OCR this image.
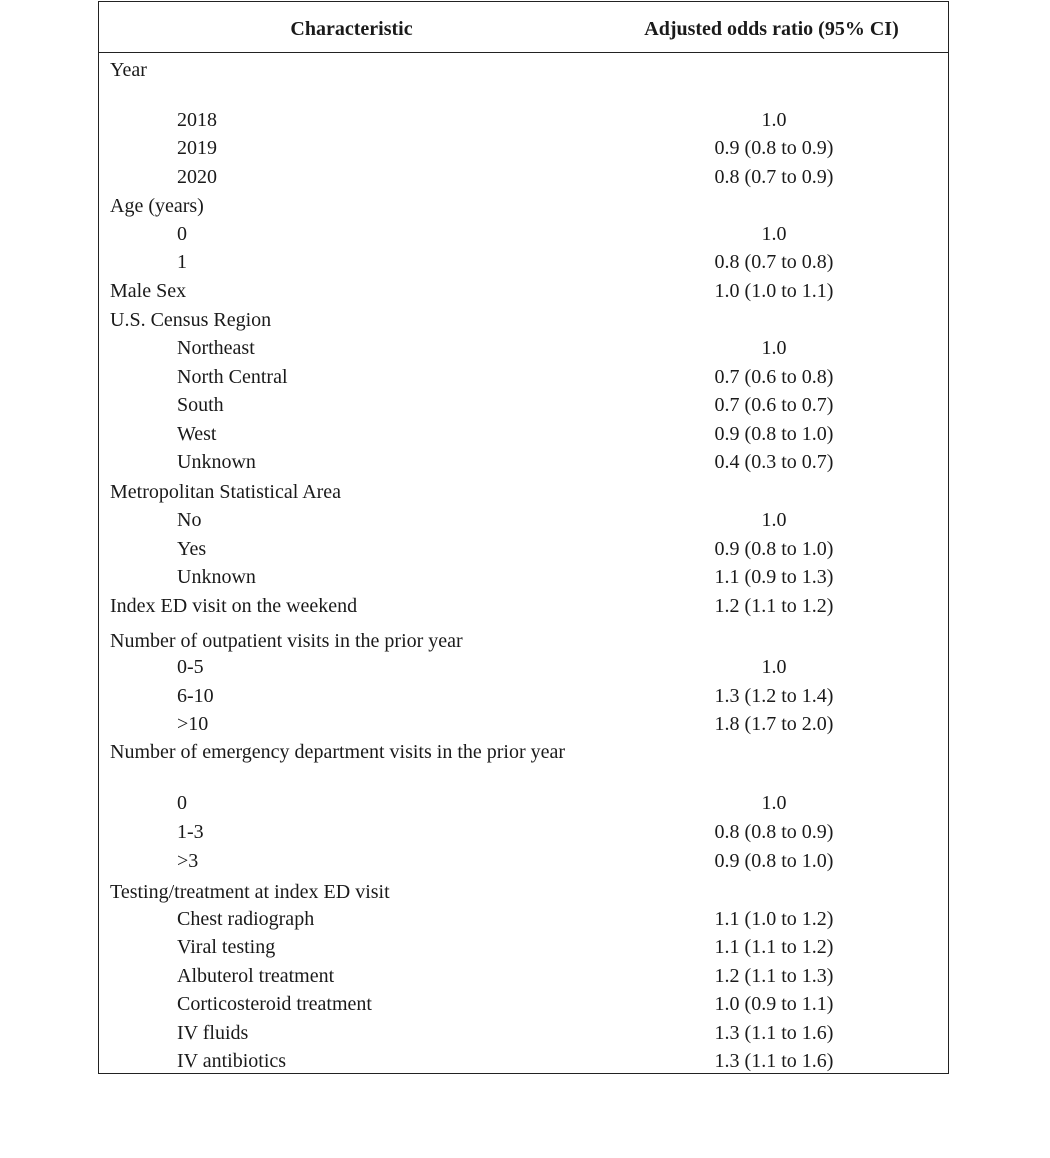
Characteristic	Adjusted odds ratio (95% CI)
Year
2018	1.0
2019	0.9 (0.8 to 0.9)
2020	0.8 (0.7 to 0.9)
Age (years)
0	1.0
1	0.8 (0.7 to 0.8)
Male Sex	1.0 (1.0 to 1.1)
U.S. Census Region
Northeast	1.0
North Central	0.7 (0.6 to 0.8)
South	0.7 (0.6 to 0.7)
West	0.9 (0.8 to 1.0)
Unknown	0.4 (0.3 to 0.7)
Metropolitan Statistical Area
No	1.0
Yes	0.9 (0.8 to 1.0)
Unknown	1.1 (0.9 to 1.3)
Index ED visit on the weekend	1.2 (1.1 to 1.2)
Number of outpatient visits in the prior year
0-5	1.0
6-10	1.3 (1.2 to 1.4)
>10	1.8 (1.7 to 2.0)
Number of emergency department visits in the prior year
0	1.0
1-3	0.8 (0.8 to 0.9)
>3	0.9 (0.8 to 1.0)
Testing/treatment at index ED visit
Chest radiograph	1.1 (1.0 to 1.2)
Viral testing	1.1 (1.1 to 1.2)
Albuterol treatment	1.2 (1.1 to 1.3)
Corticosteroid treatment	1.0 (0.9 to 1.1)
IV fluids	1.3 (1.1 to 1.6)
IV antibiotics	1.3 (1.1 to 1.6)
